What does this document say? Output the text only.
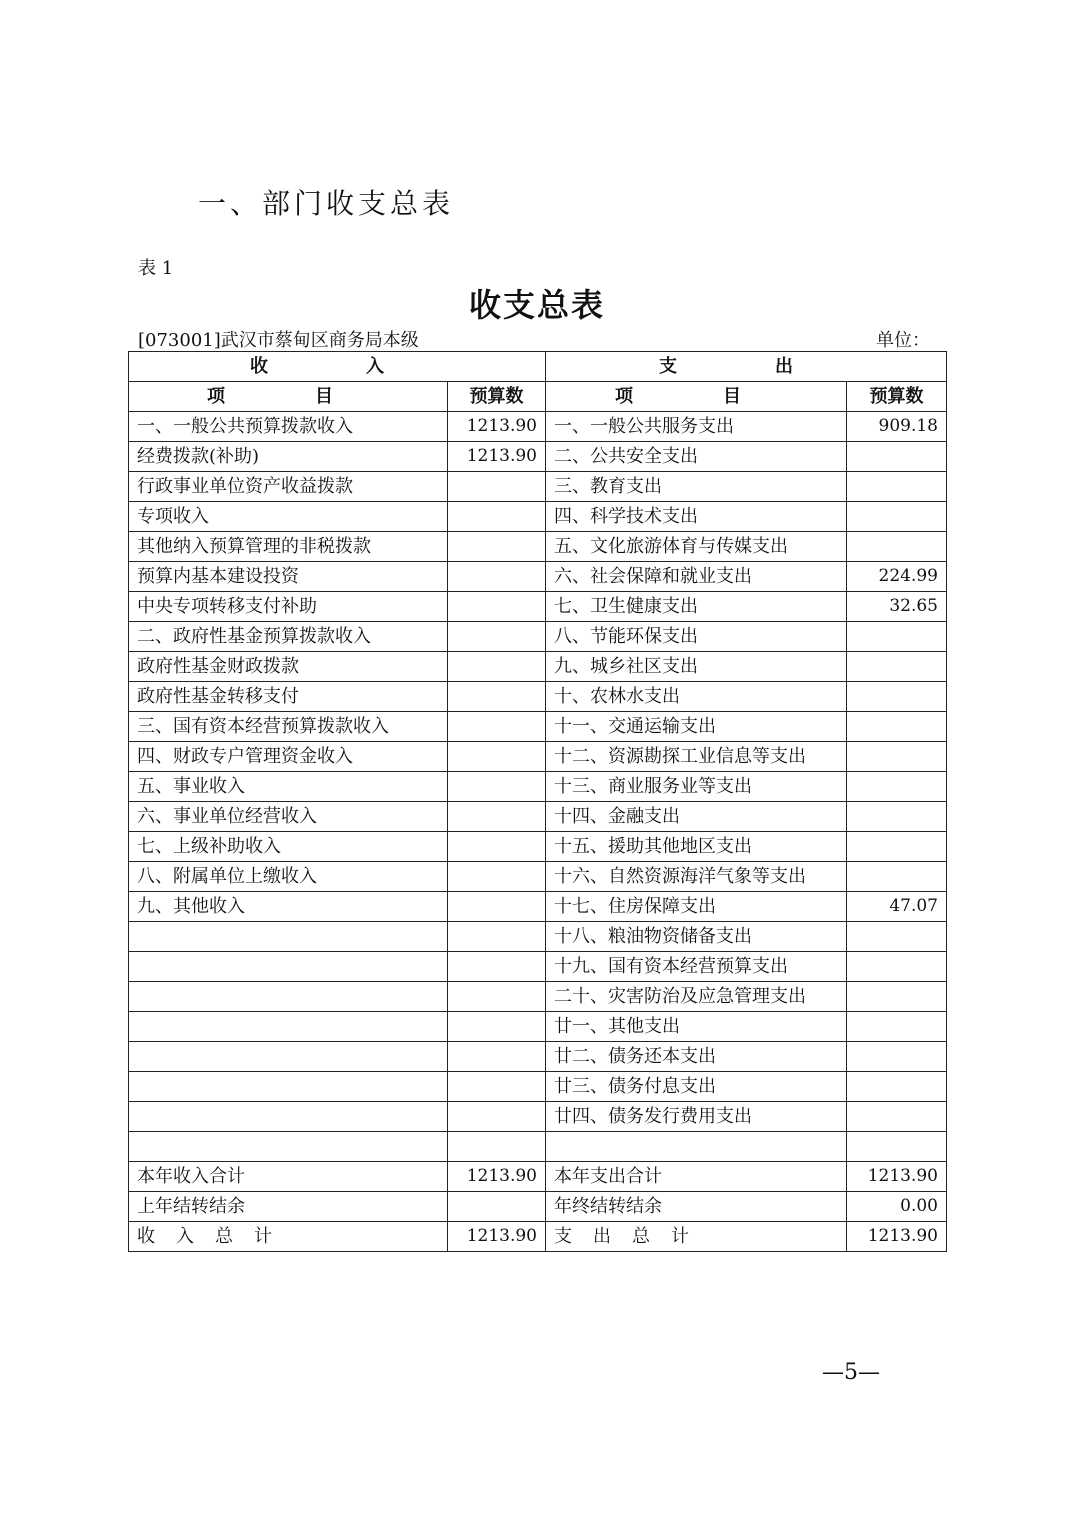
一、部门收支总表
表 1
收支总表
[073001]武汉市蔡甸区商务局本级	单位：
收　入		支　出	
项　目	预算数	项　目	预算数
一、一般公共预算拨款收入	1213.90	一、一般公共服务支出	909.18
经费拨款(补助)	1213.90	二、公共安全支出	
行政事业单位资产收益拨款		三、教育支出	
专项收入		四、科学技术支出	
其他纳入预算管理的非税拨款		五、文化旅游体育与传媒支出	
预算内基本建设投资		六、社会保障和就业支出	224.99
中央专项转移支付补助		七、卫生健康支出	32.65
二、政府性基金预算拨款收入		八、节能环保支出	
政府性基金财政拨款		九、城乡社区支出	
政府性基金转移支付		十、农林水支出	
三、国有资本经营预算拨款收入		十一、交通运输支出	
四、财政专户管理资金收入		十二、资源勘探工业信息等支出	
五、事业收入		十三、商业服务业等支出	
六、事业单位经营收入		十四、金融支出	
七、上级补助收入		十五、援助其他地区支出	
八、附属单位上缴收入		十六、自然资源海洋气象等支出	
九、其他收入		十七、住房保障支出	47.07
		十八、粮油物资储备支出	
		十九、国有资本经营预算支出	
		二十、灾害防治及应急管理支出	
		廿一、其他支出	
		廿二、债务还本支出	
		廿三、债务付息支出	
		廿四、债务发行费用支出	

本年收入合计	1213.90	本年支出合计	1213.90
上年结转结余		年终结转结余	0.00
收 入 总 计	1213.90	支 出 总 计	1213.90
—5—
